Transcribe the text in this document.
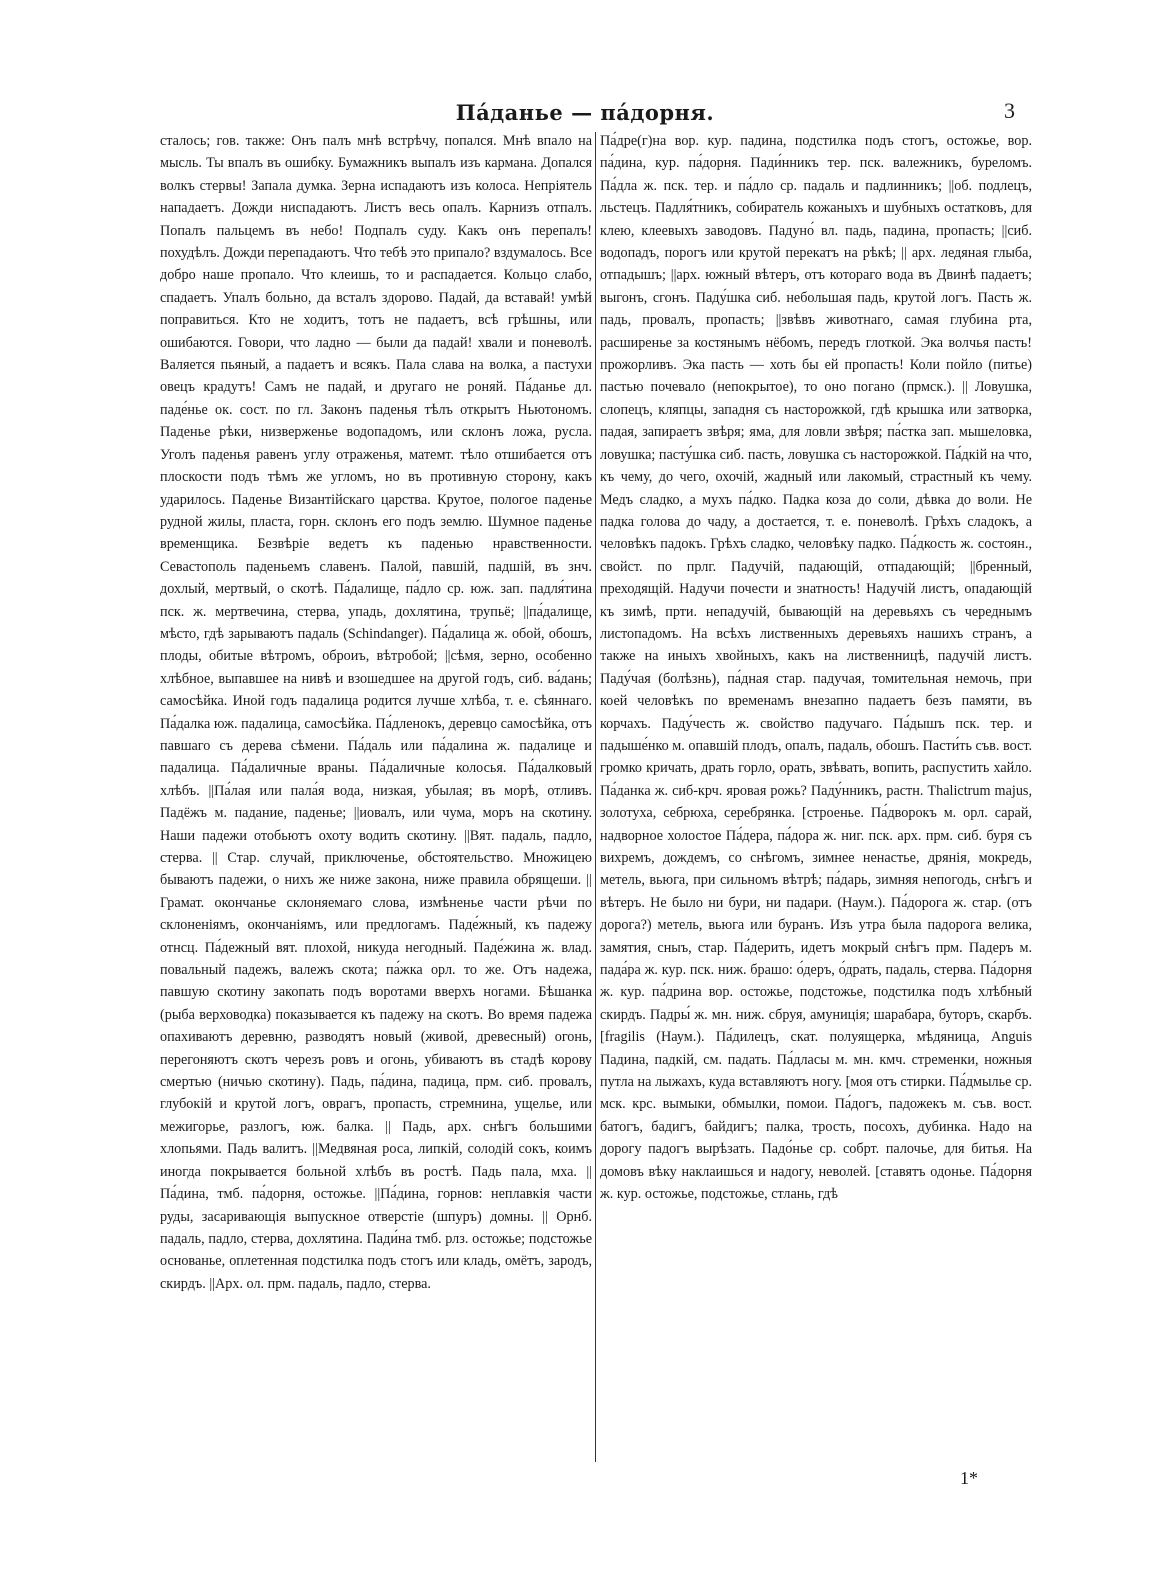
Па́данье — па́дорня.	3

сталось; гов. также: Онъ палъ мнѣ встрѣчу, попался. Мнѣ впало на мысль. Ты впалъ въ ошибку. Бумажникъ выпалъ изъ кармана. Допался волкъ стервы! Запала думка. Зерна испадаютъ изъ колоса. Непріятель нападаетъ. Дожди ниспадаютъ. Листъ весь опалъ. Карнизъ отпалъ. Попалъ пальцемъ въ небо! Подпалъ суду. Какъ онъ перепалъ! похудѣлъ. Дожди перепадаютъ. Что тебѣ это припало? вздумалось. Все добро наше пропало. Что клеишь, то и распадается. Кольцо слабо, спадаетъ. Упалъ больно, да всталъ здорово. Падай, да вставай! умѣй поправиться. Кто не ходитъ, тотъ не падаетъ, всѣ грѣшны, или ошибаются. Говори, что ладно — были да падай! хвали и поневолѣ. Валяется пьяный, а падаетъ и всякъ. Пала слава на волка, а пастухи овецъ крадутъ! Самъ не падай, и другаго не роняй. Па́данье дл. паде́нье ок. сост. по гл. Законъ паденья тѣлъ открытъ Ньютономъ. Паденье рѣки, низверженье водопадомъ, или склонъ ложа, русла. Уголъ паденья равенъ углу отраженья, матемт. тѣло отшибается отъ плоскости подъ тѣмъ же угломъ, но въ противную сторону, какъ ударилось. Паденье Византійскаго царства. Крутое, пологое паденье рудной жилы, пласта, горн. склонъ его подъ землю. Шумное паденье временщика. Безвѣріе ведетъ къ паденью нравственности. Севастополь паденьемъ славенъ. Палой, павшій, падшій, въ знч. дохлый, мертвый, о скотѣ. Па́далище, па́дло ср. юж. зап. падля́тина пск. ж. мертвечина, стерва, упадь, дохлятина, трупьё; ||па́далище, мѣсто, гдѣ зарываютъ падаль (Schindanger). Па́далица ж. обой, обошъ, плоды, обитые вѣтромъ, оброиъ, вѣтробой; ||сѣмя, зерно, особенно хлѣбное, выпавшее на нивѣ и взошедшее на другой годъ, сиб. ва́дань; самосѣйка. Иной годъ падалица родится лучше хлѣба, т. е. сѣяннаго. Па́далка юж. падалица, самосѣйка. Па́дленокъ, деревцо самосѣйка, отъ павшаго съ дерева сѣмени. Па́даль или па́далина ж. падалице и падалица. Па́даличные враны. Па́даличные колосья. Па́далковый хлѣбъ. ||Па́лая или пала́я вода, низкая, убылая; въ морѣ, отливъ. Падёжъ м. падание, паденье; ||иовалъ, или чума, моръ на скотину. Наши падежи отобьютъ охоту водить скотину. ||Вят. падаль, падло, стерва. || Стар. случай, приключенье, обстоятельство. Множицею бываютъ падежи, о нихъ же ниже закона, ниже правила обрящеши. ||Грамат. окончанье склоняемаго слова, измѣненье части рѣчи по склоненіямъ, окончаніямъ, или предлогамъ. Паде́жный, къ падежу отнсц. Па́дежный вят. плохой, никуда негодный. Паде́жина ж. влад. повальный падежъ, валежъ скота; па́жка орл. то же. Отъ надежа, павшую скотину закопать подъ воротами вверхъ ногами. Бѣшанка (рыба верховодка) показывается къ падежу на скотъ. Во время падежа опахиваютъ деревню, разводятъ новый (живой, древесный) огонь, перегоняютъ скотъ черезъ ровъ и огонь, убиваютъ въ стадѣ корову смертью (ничью скотину). Падь, па́дина, падица, прм. сиб. провалъ, глубокій и крутой логъ, оврагъ, пропасть, стремнина, ущелье, или межигорье, разлогъ, юж. балка. || Падь, арх. снѣгъ большими хлопьями. Падь валитъ. ||Медвяная роса, липкій, солодій сокъ, коимъ иногда покрывается больной хлѣбъ въ ростѣ. Падь пала, мха. || Па́дина, тмб. па́дорня, остожье. ||Па́дина, горнов: неплавкія части руды, засаривающія выпускное отверстіе (шпуръ) домны. || Орнб. падаль, падло, стерва, дохлятина. Пади́на тмб. рлз. остожье; подстожье основанье, оплетенная подстилка подъ стогъ или кладь, омётъ, зародъ, скирдъ. ||Арх. ол. прм. падаль, падло, стерва.

Па́дре(г)на вор. кур. падина, подстилка подъ стогъ, остожье, вор. па́дина, кур. па́дорня. Пади́нникъ тер. пск. валежникъ, буреломъ. Па́дла ж. пск. тер. и па́дло ср. падаль и падлинникъ; ||об. подлецъ, льстецъ. Падля́тникъ, собиратель кожаныхъ и шубныхъ остатковъ, для клею, клеевыхъ заводовъ. Падуно́ вл. падь, падина, пропасть; ||сиб. водопадъ, порогъ или крутой перекатъ на рѣкѣ; || арх. ледяная глыба, отпадышъ; ||арх. южный вѣтеръ, отъ котораго вода въ Двинѣ падаетъ; выгонъ, сгонъ. Паду́шка сиб. небольшая падь, крутой логъ. Пасть ж. падь, провалъ, пропасть; ||звѣвъ животнаго, самая глубина рта, расширенье за костянымъ нёбомъ, передъ глоткой. Эка волчья пасть! прожорливъ. Эка пасть — хоть бы ей пропасть! Коли пойло (питье) пастью почевало (непокрытое), то оно погано (прмск.). || Ловушка, слопецъ, кляпцы, западня съ насторожкой, гдѣ крышка или затворка, падая, запираетъ звѣря; яма, для ловли звѣря; па́стка зап. мышеловка, ловушка; пасту́шка сиб. пасть, ловушка съ насторожкой. Па́дкій на что, къ чему, до чего, охочій, жадный или лакомый, страстный къ чему. Медъ сладко, а мухъ па́дко. Падка коза до соли, дѣвка до воли. Не падка голова до чаду, а достается, т. е. поневолѣ. Грѣхъ сладокъ, а человѣкъ падокъ. Грѣхъ сладко, человѣку падко. Па́дкость ж. состоян., свойст. по прлг. Падучій, падающій, отпадающій; ||бренный, преходящій. Надучи почести и знатность! Надучій листъ, опадающій къ зимѣ, прти. непадучій, бывающій на деревьяхъ съ череднымъ листопадомъ. На всѣхъ лиственныхъ деревьяхъ нашихъ странъ, а также на иныхъ хвойныхъ, какъ на лиственницѣ, падучій листъ. Паду́чая (болѣзнь), па́дная стар. падучая, томительная немочь, при коей человѣкъ по временамъ внезапно падаетъ безъ памяти, въ корчахъ. Паду́честь ж. свойство падучаго. Па́дышъ пск. тер. и падыше́нко м. опавшій плодъ, опалъ, падаль, обошъ. Пасти́ть съв. вост. громко кричать, драть горло, орать, звѣвать, вопить, распустить хайло. Па́данка ж. сиб-крч. яровая рожь? Паду́нникъ, растн. Thalictrum majus, золотуха, себрюха, серебрянка. [строенье. Па́дворокъ м. орл. сарай, надворное холостое Па́дера, па́дора ж. ниг. пск. арх. прм. сиб. буря съ вихремъ, дождемъ, со снѣгомъ, зимнее ненастье, дрянія, мокредь, метель, вьюга, при сильномъ вѣтрѣ; па́дарь, зимняя непогодь, снѣгъ и вѣтеръ. Не было ни бури, ни падари. (Наум.). Па́дорога ж. стар. (отъ дорога?) метель, вьюга или буранъ. Изъ утра была падорога велика, замятия, сныъ, стар. Па́дерить, идетъ мокрый снѣгъ прм. Падеръ м. пада́ра ж. кур. пск. ниж. брашо: о́деръ, о́драть, падаль, стерва. Па́дорня ж. кур. па́дрина вор. остожье, подстожье, подстилка подъ хлѣбный скирдъ. Падры́ ж. мн. ниж. сбруя, амуниція; шарабара, буторъ, скарбъ. [fragilis (Наум.). Па́дилецъ, скат. полуящерка, мѣдяница, Anguis Падина, падкій, см. падать. Па́дласы м. мн. кмч. стременки, ножныя путла на лыжахъ, куда вставляютъ ногу. [моя отъ стирки. Па́дмылье ср. мск. крс. вымыки, обмылки, помои. Па́догъ, падожекъ м. съв. вост. батогъ, бадигъ, байдигъ; палка, трость, посохъ, дубинка. Надо на дорогу падогъ вырѣзать. Падо́нье ср. собрт. палочье, для битья. На домовъ вѣку наклаишься и надогу, неволей. [ставятъ одонье. Па́дорня ж. кур. остожье, подстожье, стлань, гдѣ

1*
